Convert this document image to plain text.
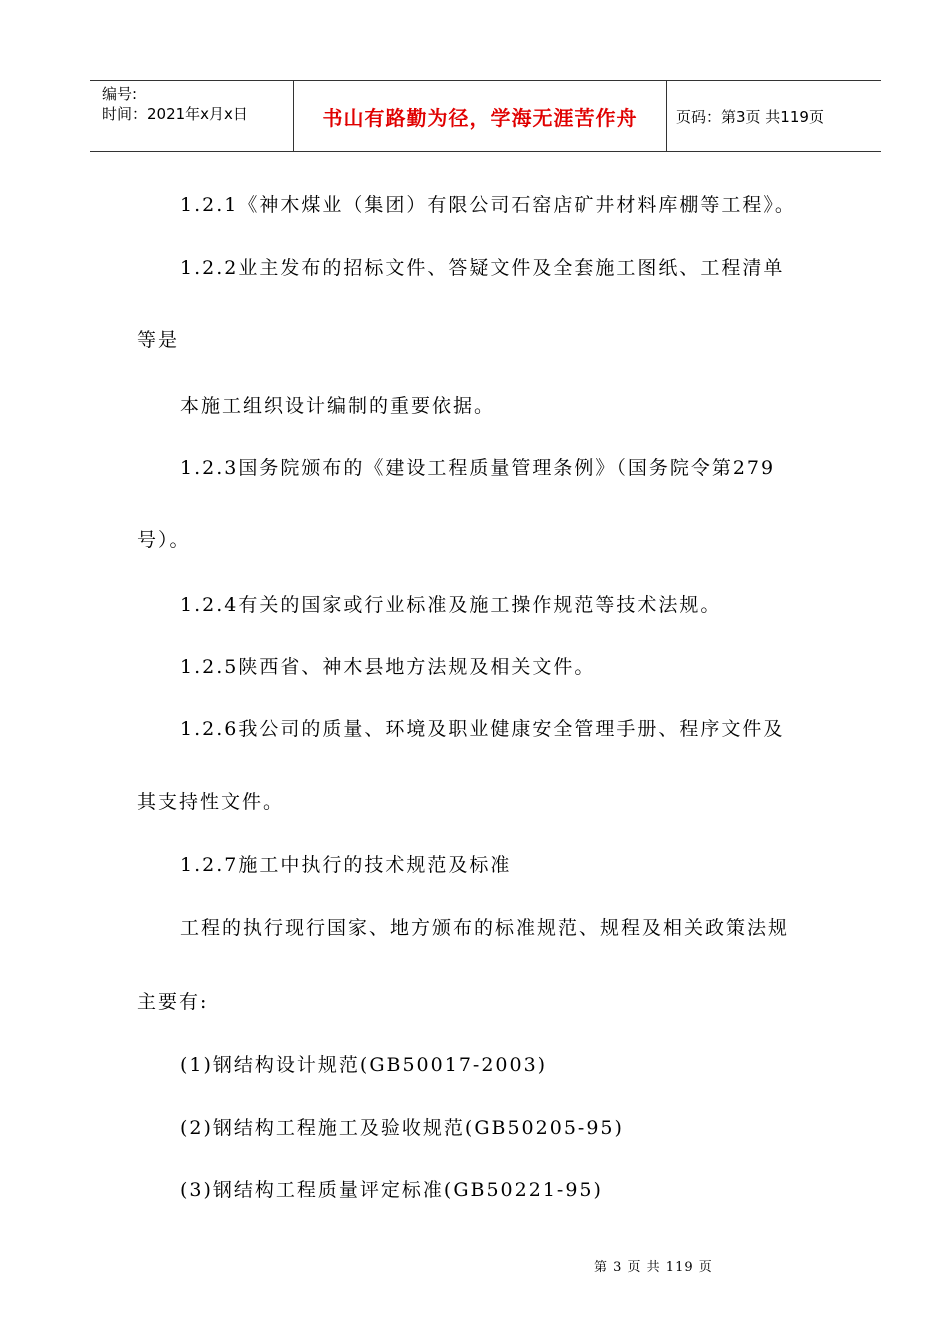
编号:
时间：2021年x月x日	书山有路勤为径，学海无涯苦作舟	页码：第3页 共119页
1.2.1《神木煤业（集团）有限公司石窑店矿井材料库棚等工程》。
1.2.2业主发布的招标文件、答疑文件及全套施工图纸、工程清单
等是
本施工组织设计编制的重要依据。
1.2.3国务院颁布的《建设工程质量管理条例》（国务院令第279
号）。
1.2.4有关的国家或行业标准及施工操作规范等技术法规。
1.2.5陕西省、神木县地方法规及相关文件。
1.2.6我公司的质量、环境及职业健康安全管理手册、程序文件及
其支持性文件。
1.2.7施工中执行的技术规范及标准
工程的执行现行国家、地方颁布的标准规范、规程及相关政策法规
主要有:
(1)钢结构设计规范(GB50017-2003)
(2)钢结构工程施工及验收规范(GB50205-95)
(3)钢结构工程质量评定标准(GB50221-95)
第 3 页 共 119 页
